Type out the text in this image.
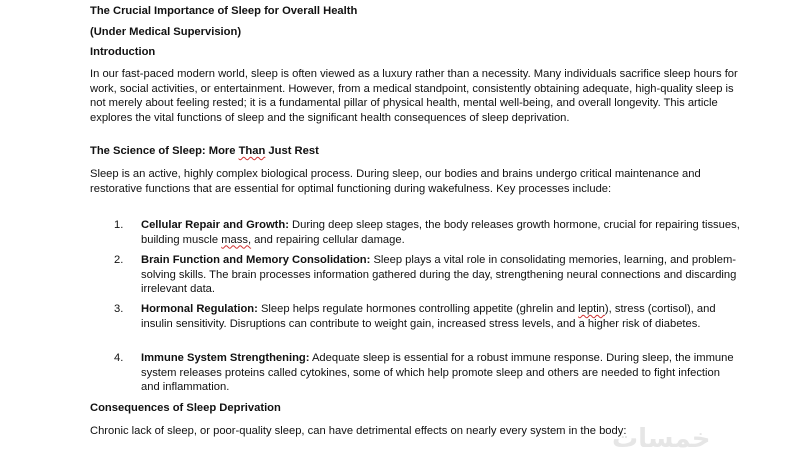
The Crucial Importance of Sleep for Overall Health
(Under Medical Supervision)
Introduction
In our fast-paced modern world, sleep is often viewed as a luxury rather than a necessity. Many individuals sacrifice sleep hours for work, social activities, or entertainment. However, from a medical standpoint, consistently obtaining adequate, high-quality sleep is not merely about feeling rested; it is a fundamental pillar of physical health, mental well-being, and overall longevity. This article explores the vital functions of sleep and the significant health consequences of sleep deprivation.
The Science of Sleep: More Than Just Rest
Sleep is an active, highly complex biological process. During sleep, our bodies and brains undergo critical maintenance and restorative functions that are essential for optimal functioning during wakefulness. Key processes include:
1.	Cellular Repair and Growth: During deep sleep stages, the body releases growth hormone, crucial for repairing tissues, building muscle mass, and repairing cellular damage.
2.	Brain Function and Memory Consolidation: Sleep plays a vital role in consolidating memories, learning, and problem-solving skills. The brain processes information gathered during the day, strengthening neural connections and discarding irrelevant data.
3.	Hormonal Regulation: Sleep helps regulate hormones controlling appetite (ghrelin and leptin), stress (cortisol), and insulin sensitivity. Disruptions can contribute to weight gain, increased stress levels, and a higher risk of diabetes.
4.	Immune System Strengthening: Adequate sleep is essential for a robust immune response. During sleep, the immune system releases proteins called cytokines, some of which help promote sleep and others are needed to fight infection and inflammation.
Consequences of Sleep Deprivation
Chronic lack of sleep, or poor-quality sleep, can have detrimental effects on nearly every system in the body:
خمسات
